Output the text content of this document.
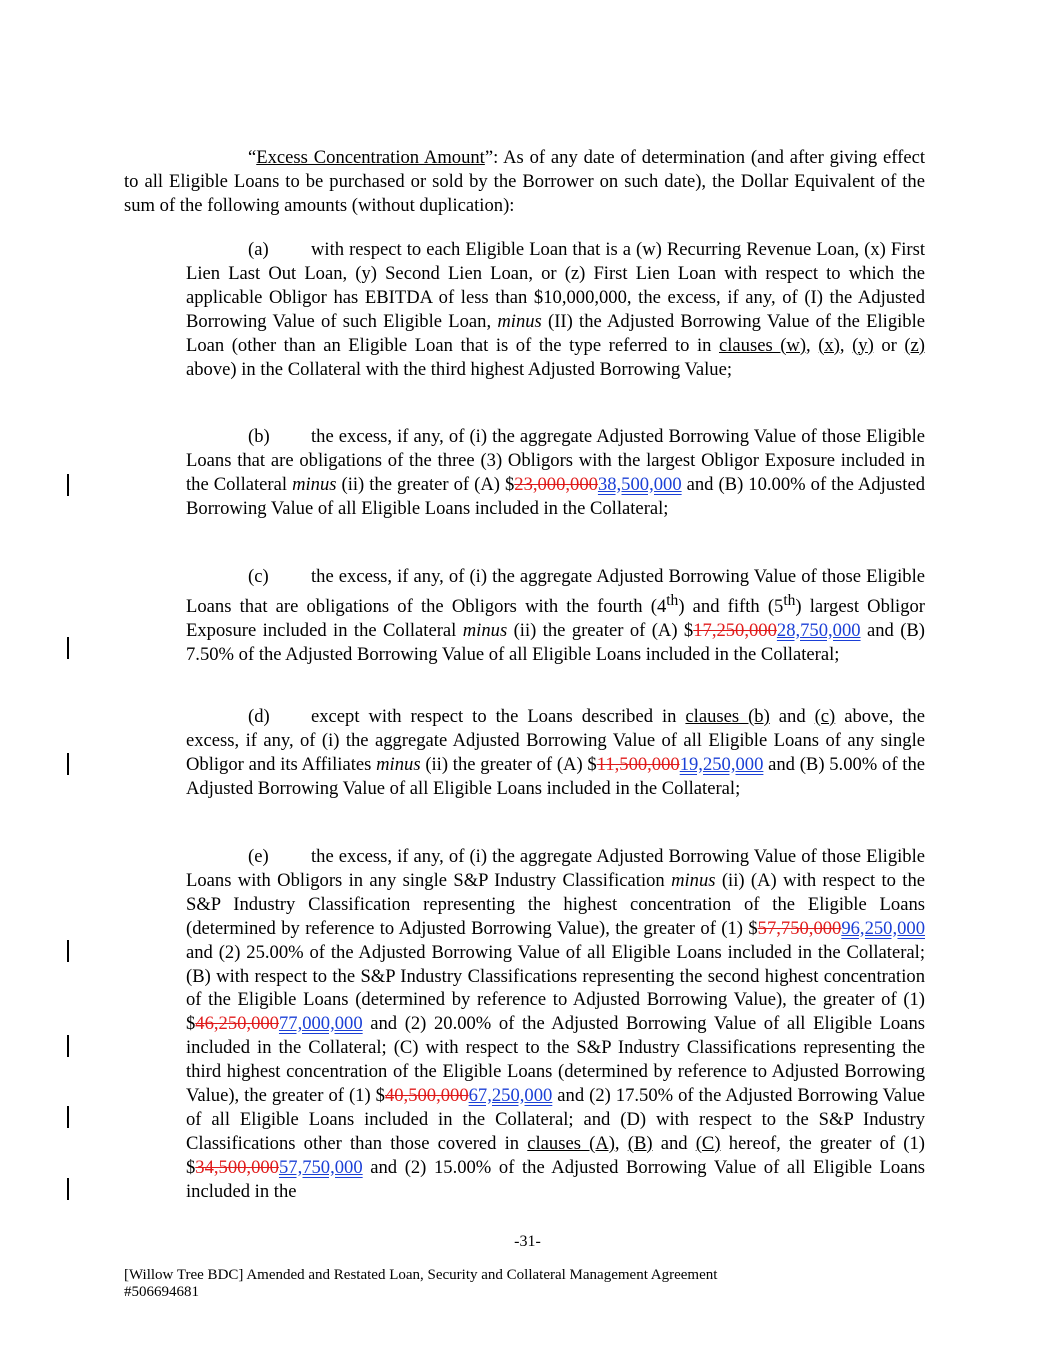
“Excess Concentration Amount”: As of any date of determination (and after giving effect to all Eligible Loans to be purchased or sold by the Borrower on such date), the Dollar Equivalent of the sum of the following amounts (without duplication):
(a) with respect to each Eligible Loan that is a (w) Recurring Revenue Loan, (x) First Lien Last Out Loan, (y) Second Lien Loan, or (z) First Lien Loan with respect to which the applicable Obligor has EBITDA of less than $10,000,000, the excess, if any, of (I) the Adjusted Borrowing Value of such Eligible Loan, minus (II) the Adjusted Borrowing Value of the Eligible Loan (other than an Eligible Loan that is of the type referred to in clauses (w), (x), (y) or (z) above) in the Collateral with the third highest Adjusted Borrowing Value;
(b) the excess, if any, of (i) the aggregate Adjusted Borrowing Value of those Eligible Loans that are obligations of the three (3) Obligors with the largest Obligor Exposure included in the Collateral minus (ii) the greater of (A) $23,000,00038,500,000 and (B) 10.00% of the Adjusted Borrowing Value of all Eligible Loans included in the Collateral;
(c) the excess, if any, of (i) the aggregate Adjusted Borrowing Value of those Eligible Loans that are obligations of the Obligors with the fourth (4th) and fifth (5th) largest Obligor Exposure included in the Collateral minus (ii) the greater of (A) $17,250,00028,750,000 and (B) 7.50% of the Adjusted Borrowing Value of all Eligible Loans included in the Collateral;
(d) except with respect to the Loans described in clauses (b) and (c) above, the excess, if any, of (i) the aggregate Adjusted Borrowing Value of all Eligible Loans of any single Obligor and its Affiliates minus (ii) the greater of (A) $11,500,00019,250,000 and (B) 5.00% of the Adjusted Borrowing Value of all Eligible Loans included in the Collateral;
(e) the excess, if any, of (i) the aggregate Adjusted Borrowing Value of those Eligible Loans with Obligors in any single S&P Industry Classification minus (ii) (A) with respect to the S&P Industry Classification representing the highest concentration of the Eligible Loans (determined by reference to Adjusted Borrowing Value), the greater of (1) $57,750,00096,250,000 and (2) 25.00% of the Adjusted Borrowing Value of all Eligible Loans included in the Collateral; (B) with respect to the S&P Industry Classifications representing the second highest concentration of the Eligible Loans (determined by reference to Adjusted Borrowing Value), the greater of (1) $46,250,00077,000,000 and (2) 20.00% of the Adjusted Borrowing Value of all Eligible Loans included in the Collateral; (C) with respect to the S&P Industry Classifications representing the third highest concentration of the Eligible Loans (determined by reference to Adjusted Borrowing Value), the greater of (1) $40,500,00067,250,000 and (2) 17.50% of the Adjusted Borrowing Value of all Eligible Loans included in the Collateral; and (D) with respect to the S&P Industry Classifications other than those covered in clauses (A), (B) and (C) hereof, the greater of (1) $34,500,00057,750,000 and (2) 15.00% of the Adjusted Borrowing Value of all Eligible Loans included in the
-31-
[Willow Tree BDC] Amended and Restated Loan, Security and Collateral Management Agreement
#506694681
